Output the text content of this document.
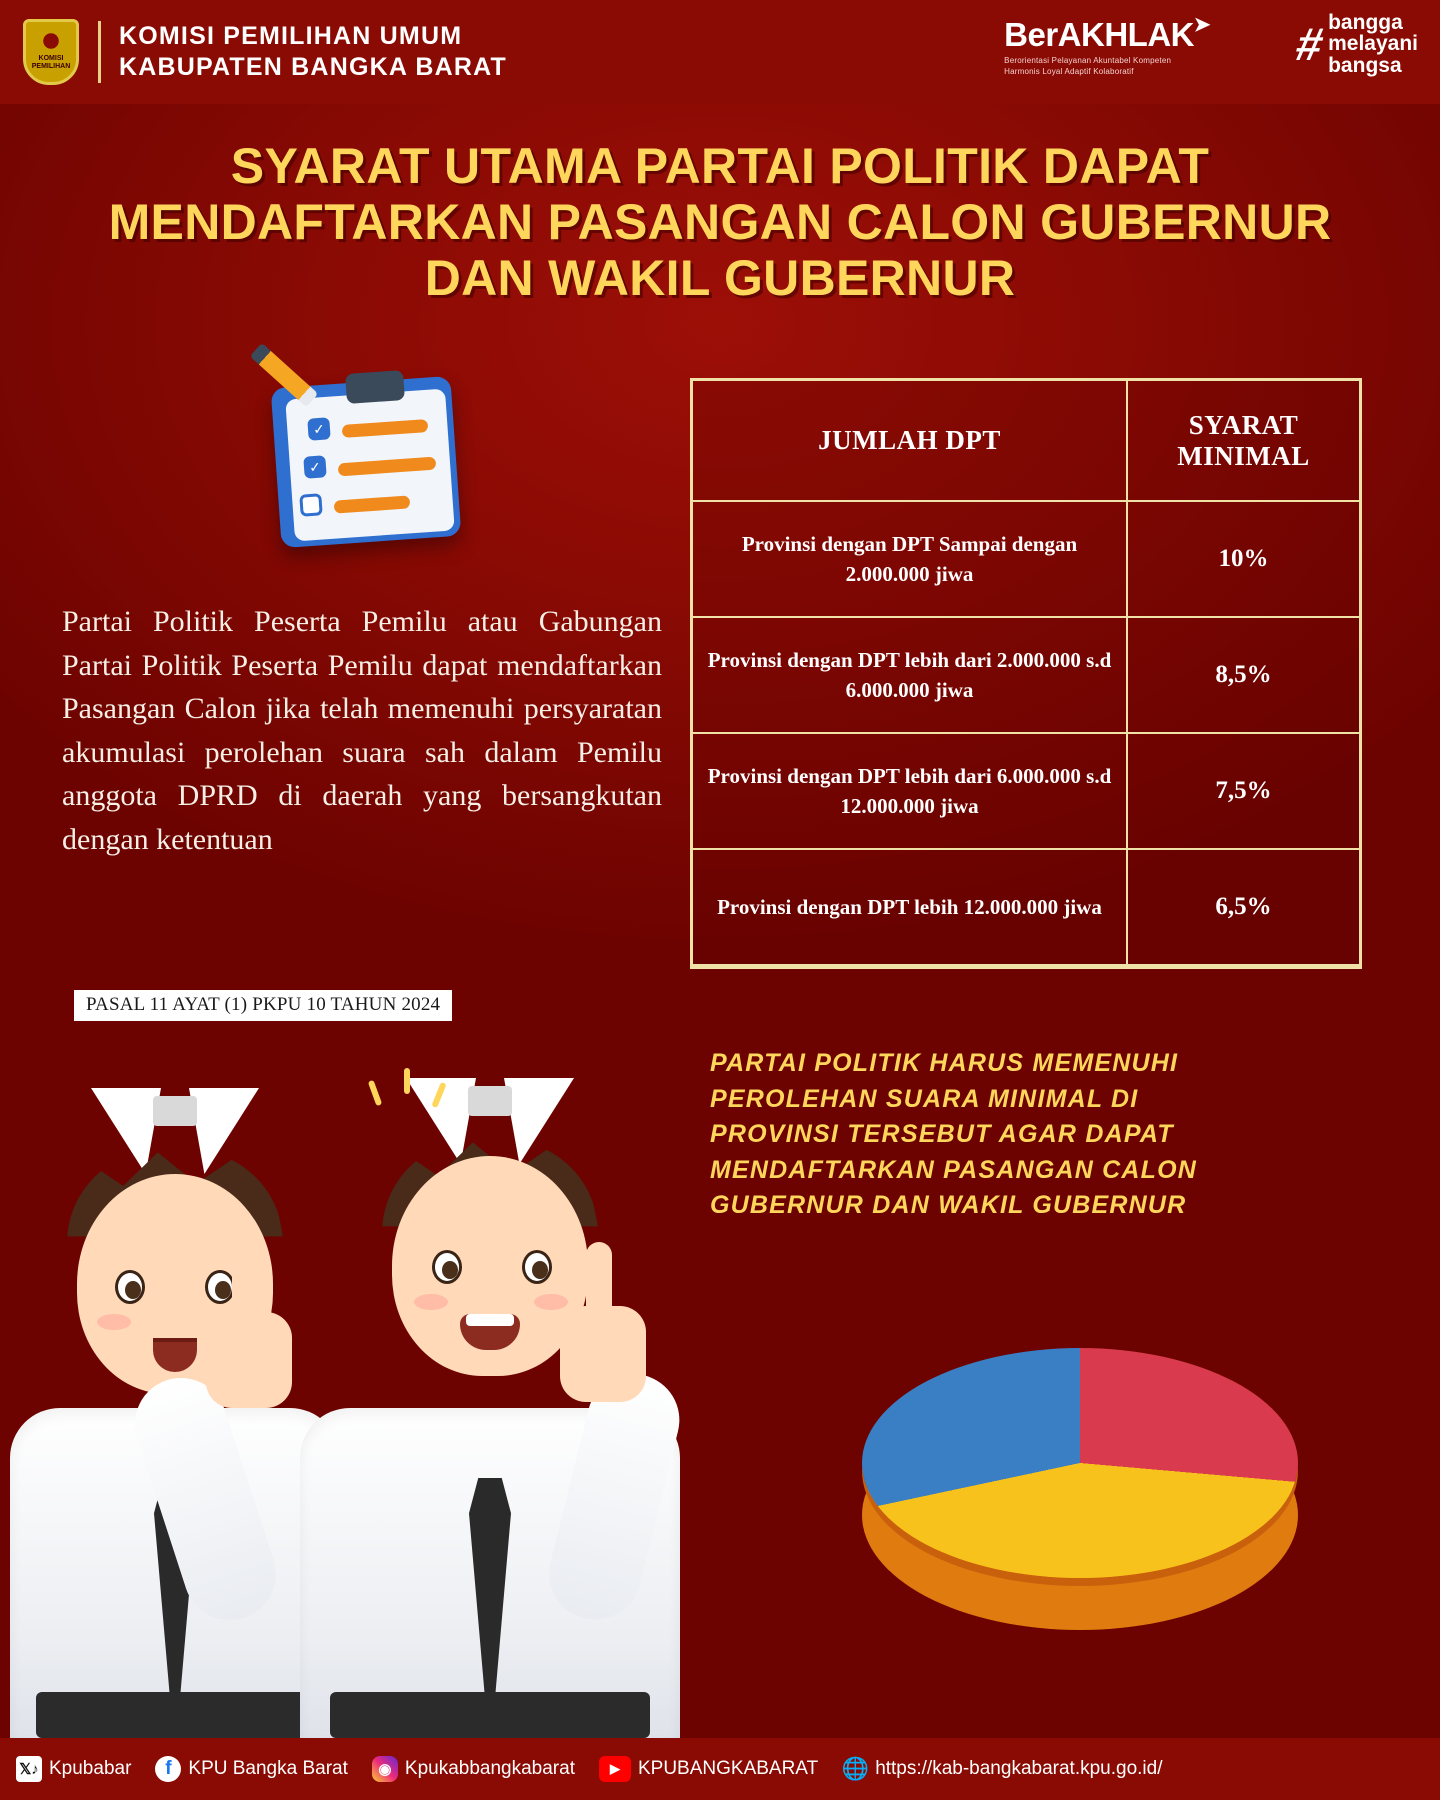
KOMISI
PEMILIHAN
KOMISI PEMILIHAN UMUM
KABUPATEN BANGKA BARAT
BerAKHLAK ➤
Berorientasi Pelayanan Akuntabel Kompeten
Harmonis Loyal Adaptif Kolaboratif
# bangga
melayani
bangsa
SYARAT UTAMA PARTAI POLITIK DAPAT MENDAFTARKAN PASANGAN CALON GUBERNUR DAN WAKIL GUBERNUR
✓
✓
Partai Politik Peserta Pemilu atau Gabungan Partai Politik Peserta Pemilu dapat mendaftarkan Pasangan Calon jika telah memenuhi persyaratan akumulasi perolehan suara sah dalam Pemilu anggota DPRD di daerah yang bersangkutan dengan ketentuan
PASAL 11 AYAT (1) PKPU 10 TAHUN 2024
JUMLAH DPT	SYARAT MINIMAL
Provinsi dengan DPT Sampai dengan 2.000.000 jiwa	10%
Provinsi dengan DPT lebih dari 2.000.000 s.d 6.000.000 jiwa	8,5%
Provinsi dengan DPT lebih dari 6.000.000 s.d 12.000.000 jiwa	7,5%
Provinsi dengan DPT lebih 12.000.000 jiwa	6,5%
PARTAI POLITIK HARUS MEMENUHI
PEROLEHAN SUARA MINIMAL DI
PROVINSI TERSEBUT AGAR DAPAT
MENDAFTARKAN PASANGAN CALON
GUBERNUR DAN WAKIL GUBERNUR
𝕏♪ Kpubabar	f KPU Bangka Barat	◉ Kpukabbangkabarat	▶ KPUBANGKABARAT 🌐 https://kab-bangkabarat.kpu.go.id/
